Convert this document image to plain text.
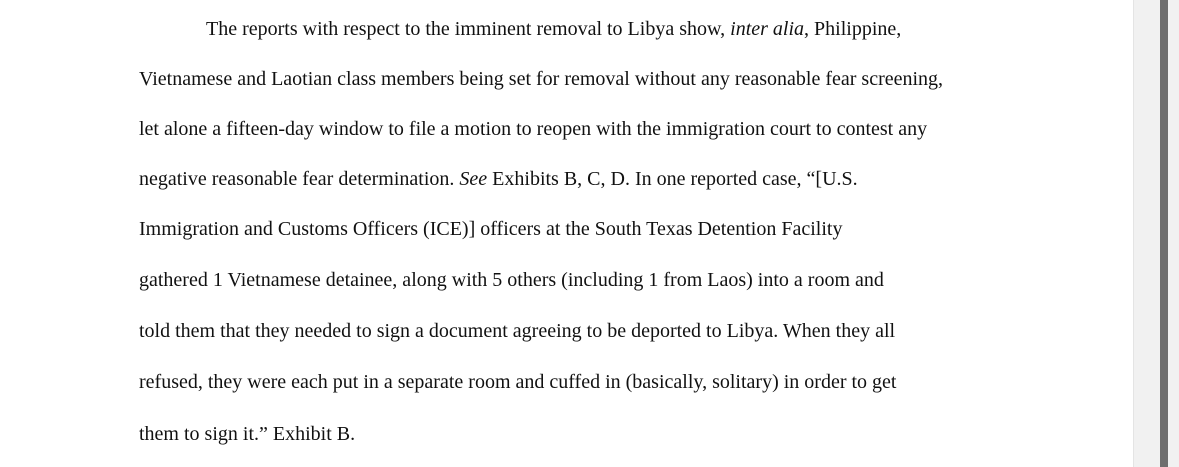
The reports with respect to the imminent removal to Libya show, inter alia, Philippine,
Vietnamese and Laotian class members being set for removal without any reasonable fear screening,
let alone a fifteen-day window to file a motion to reopen with the immigration court to contest any
negative reasonable fear determination. See Exhibits B, C, D. In one reported case, “[U.S.
Immigration and Customs Officers (ICE)] officers at the South Texas Detention Facility
gathered 1 Vietnamese detainee, along with 5 others (including 1 from Laos) into a room and
told them that they needed to sign a document agreeing to be deported to Libya. When they all
refused, they were each put in a separate room and cuffed in (basically, solitary) in order to get
them to sign it.” Exhibit B.
